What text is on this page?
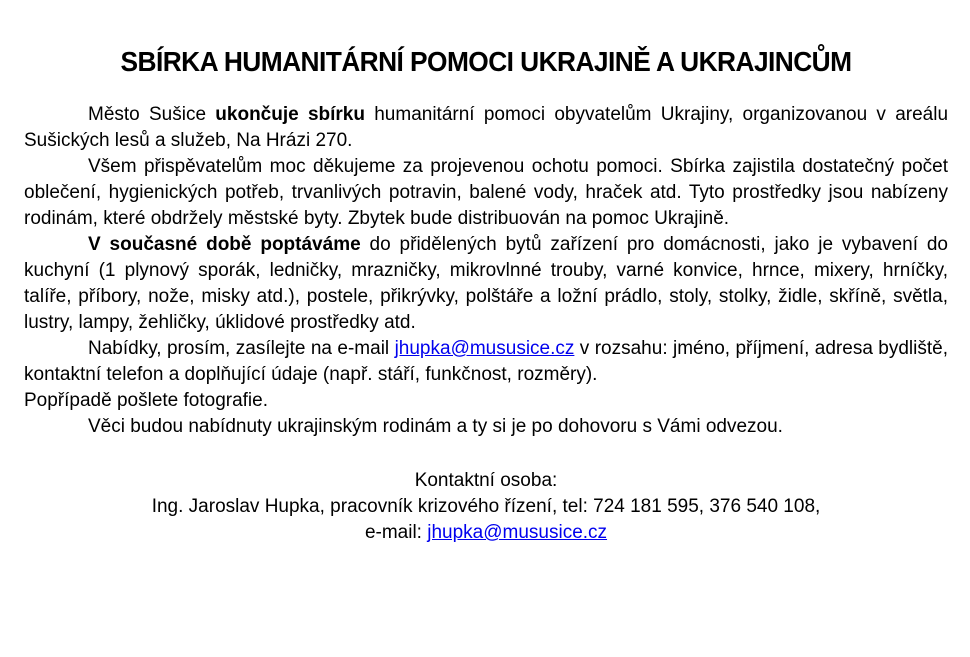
SBÍRKA HUMANITÁRNÍ POMOCI UKRAJINĚ A UKRAJINCŮM

Město Sušice ukončuje sbírku humanitární pomoci obyvatelům Ukrajiny, organizovanou v areálu Sušických lesů a služeb, Na Hrázi 270.

Všem přispěvatelům moc děkujeme za projevenou ochotu pomoci. Sbírka zajistila dostatečný počet oblečení, hygienických potřeb, trvanlivých potravin, balené vody, hraček atd. Tyto prostředky jsou nabízeny rodinám, které obdržely městské byty. Zbytek bude distribuován na pomoc Ukrajině.

V současné době poptáváme do přidělených bytů zařízení pro domácnosti, jako je vybavení do kuchyní (1 plynový sporák, ledničky, mrazničky, mikrovlnné trouby, varné konvice, hrnce, mixery, hrníčky, talíře, příbory, nože, misky atd.), postele, přikrývky, polštáře a ložní prádlo, stoly, stolky, židle, skříně, světla, lustry, lampy, žehličky, úklidové prostředky atd.

Nabídky, prosím, zasílejte na e-mail jhupka@mususice.cz v rozsahu: jméno, příjmení, adresa bydliště, kontaktní telefon a doplňující údaje (např. stáří, funkčnost, rozměry).

Popřípadě pošlete fotografie.

Věci budou nabídnuty ukrajinským rodinám a ty si je po dohovoru s Vámi odvezou.

Kontaktní osoba:
Ing. Jaroslav Hupka, pracovník krizového řízení, tel: 724 181 595, 376 540 108,
e-mail: jhupka@mususice.cz
